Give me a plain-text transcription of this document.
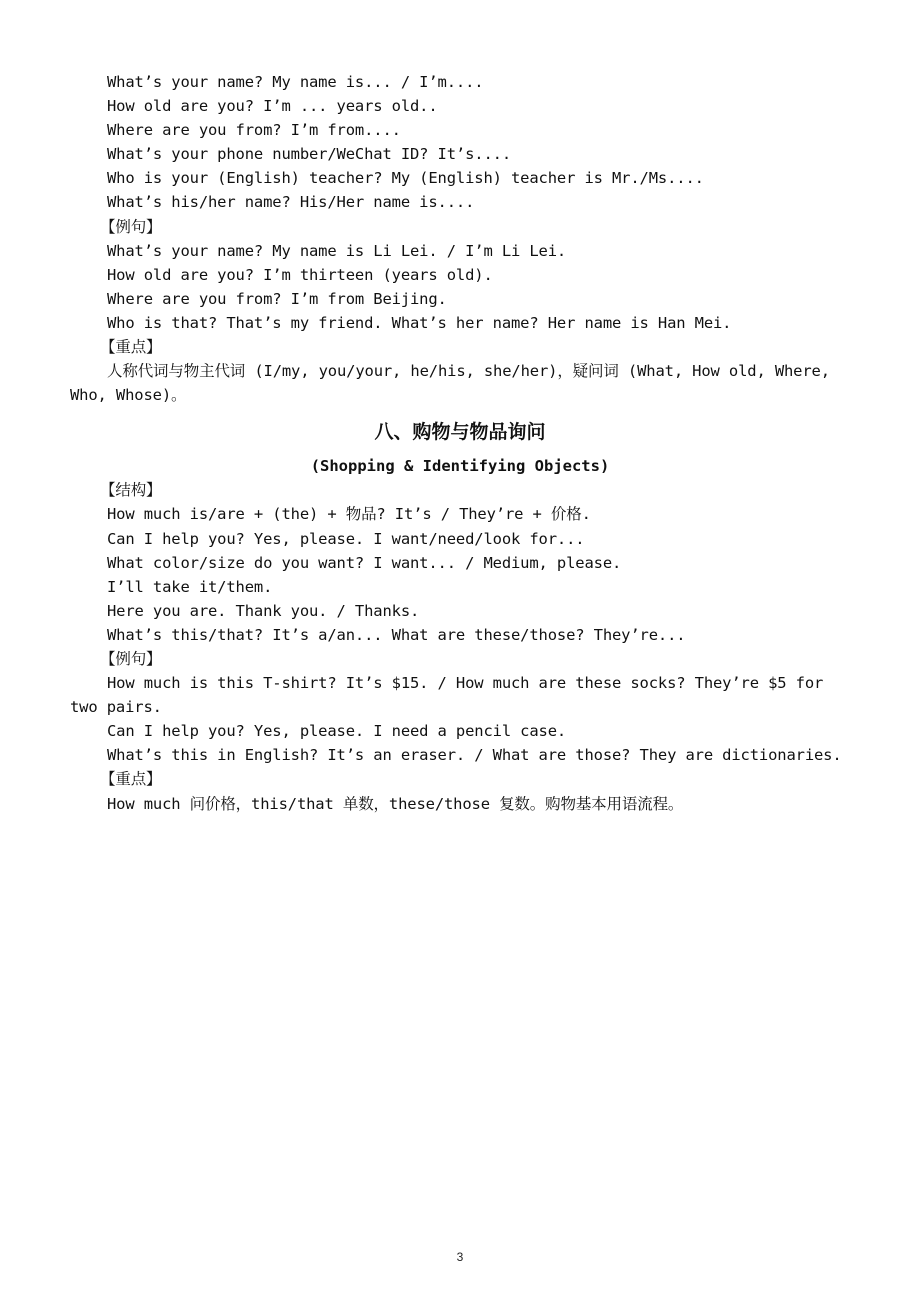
What’s your name? My name is... / I’m....
How old are you? I’m ... years old..
Where are you from? I’m from....
What’s your phone number/WeChat ID? It’s....
Who is your (English) teacher? My (English) teacher is Mr./Ms....
What’s his/her name? His/Her name is....
【例句】
What’s your name? My name is Li Lei. / I’m Li Lei.
How old are you? I’m thirteen (years old).
Where are you from? I’m from Beijing.
Who is that? That’s my friend. What’s her name? Her name is Han Mei.
【重点】
人称代词与物主代词 (I/my, you/your, he/his, she/her)，疑问词 (What, How old, Where, Who, Whose)。
八、购物与物品询问
(Shopping & Identifying Objects)
【结构】
How much is/are + (the) + 物品? It’s / They’re + 价格.
Can I help you? Yes, please. I want/need/look for...
What color/size do you want? I want... / Medium, please.
I’ll take it/them.
Here you are. Thank you. / Thanks.
What’s this/that? It’s a/an... What are these/those? They’re...
【例句】
How much is this T-shirt? It’s $15. / How much are these socks? They’re $5 for two pairs.
Can I help you? Yes, please. I need a pencil case.
What’s this in English? It’s an eraser. / What are those? They are dictionaries.
【重点】
How much 问价格，this/that 单数，these/those 复数。购物基本用语流程。
3
